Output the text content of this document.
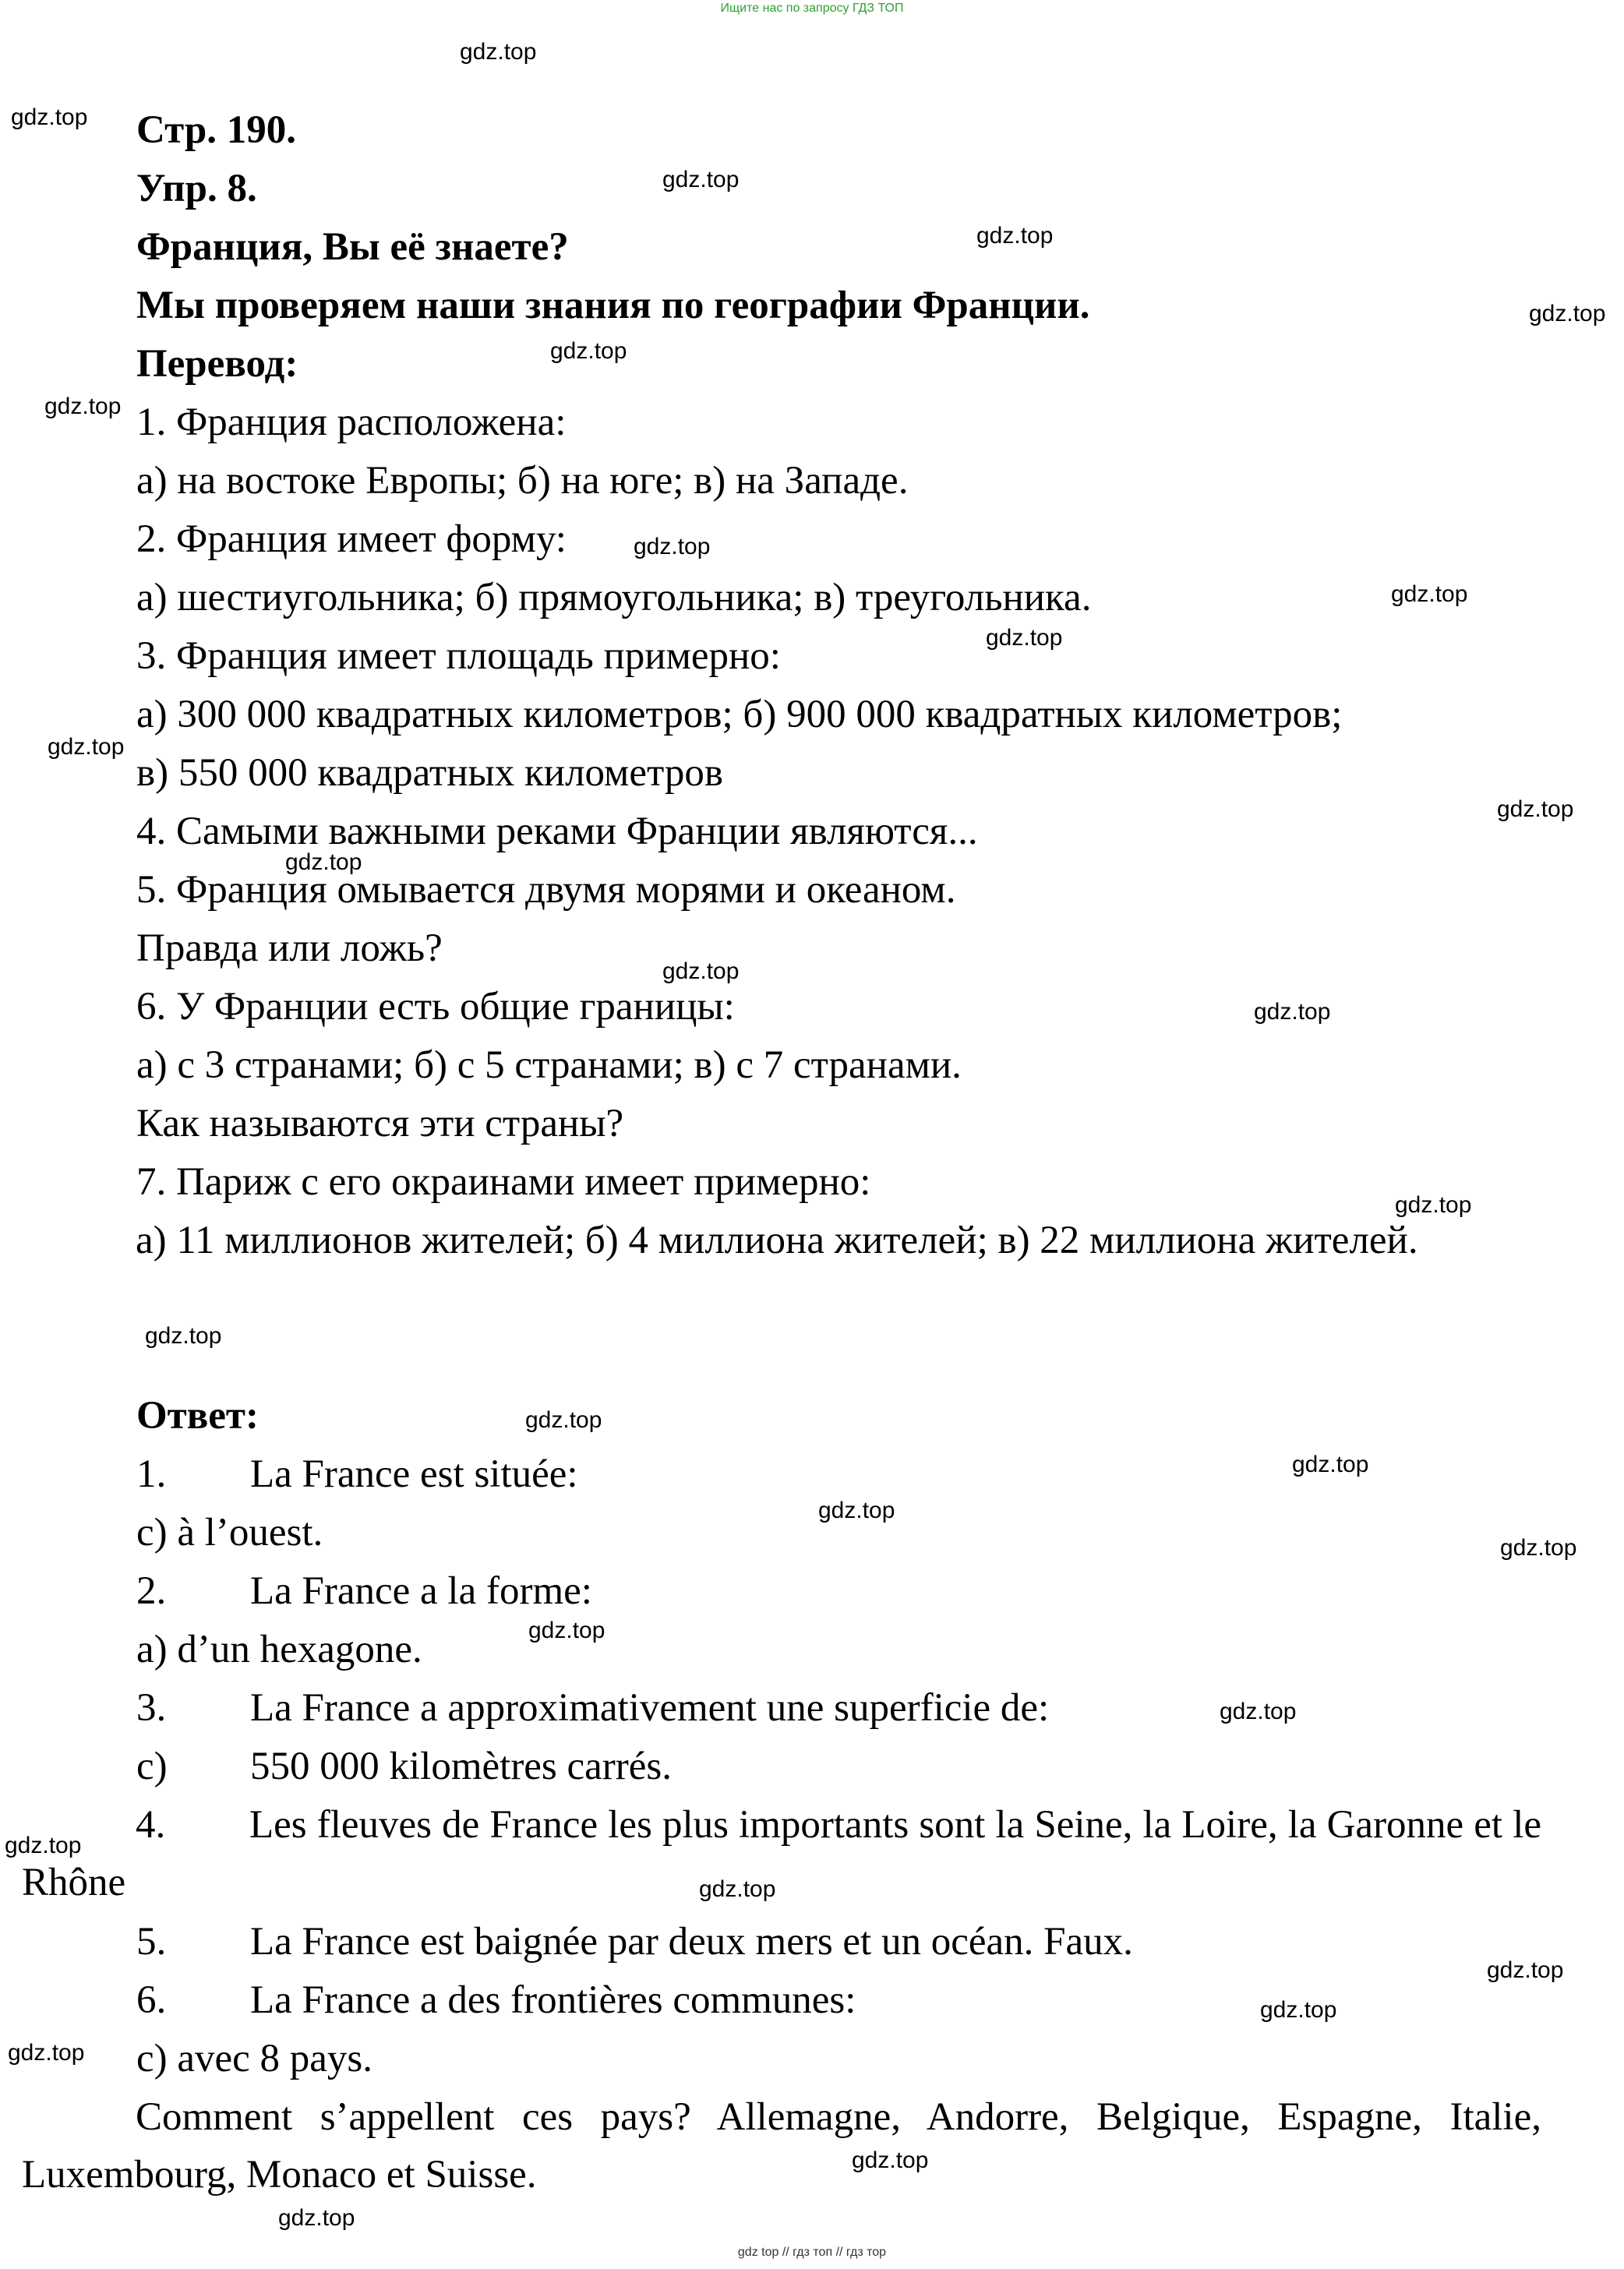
Ищите нас по запросу ГДЗ ТОП
Стр. 190.
Упр. 8.
Франция, Вы её знаете?
Мы проверяем наши знания по географии Франции.
Перевод:
1. Франция расположена:
а) на востоке Европы; б) на юге; в) на Западе.
2. Франция имеет форму:
а) шестиугольника; б) прямоугольника; в) треугольника.
3. Франция имеет площадь примерно:
а) 300 000 квадратных километров; б) 900 000 квадратных километров;
в) 550 000 квадратных километров
4. Самыми важными реками Франции являются...
5. Франция омывается двумя морями и океаном.
Правда или ложь?
6. У Франции есть общие границы:
а) с 3 странами; б) с 5 странами; в) с 7 странами.
Как называются эти страны?
7. Париж с его окраинами имеет примерно:
а) 11 миллионов жителей; б) 4 миллиона жителей; в) 22 миллиона жителей.
Ответ:
1. La France est située:
c) à l’ouest.
2. La France a la forme:
a) d’un hexagone.
3. La France a approximativement une superficie de:
c) 550 000 kilomètres carrés.
4. Les fleuves de France les plus importants sont la Seine, la Loire, la Garonne et le Rhône
5. La France est baignée par deux mers et un océan. Faux.
6. La France a des frontières communes:
c) avec 8 pays.
Comment s’appellent ces pays? Allemagne, Andorre, Belgique, Espagne, Italie, Luxembourg, Monaco et Suisse.
gdz.top
gdz.top
gdz.top
gdz.top
gdz.top
gdz.top
gdz.top
gdz.top
gdz.top
gdz.top
gdz.top
gdz.top
gdz.top
gdz.top
gdz.top
gdz.top
gdz.top
gdz.top
gdz.top
gdz.top
gdz.top
gdz.top
gdz.top
gdz.top
gdz.top
gdz.top
gdz.top
gdz.top
gdz.top
gdz.top
gdz top // гдз топ // гдз тор
